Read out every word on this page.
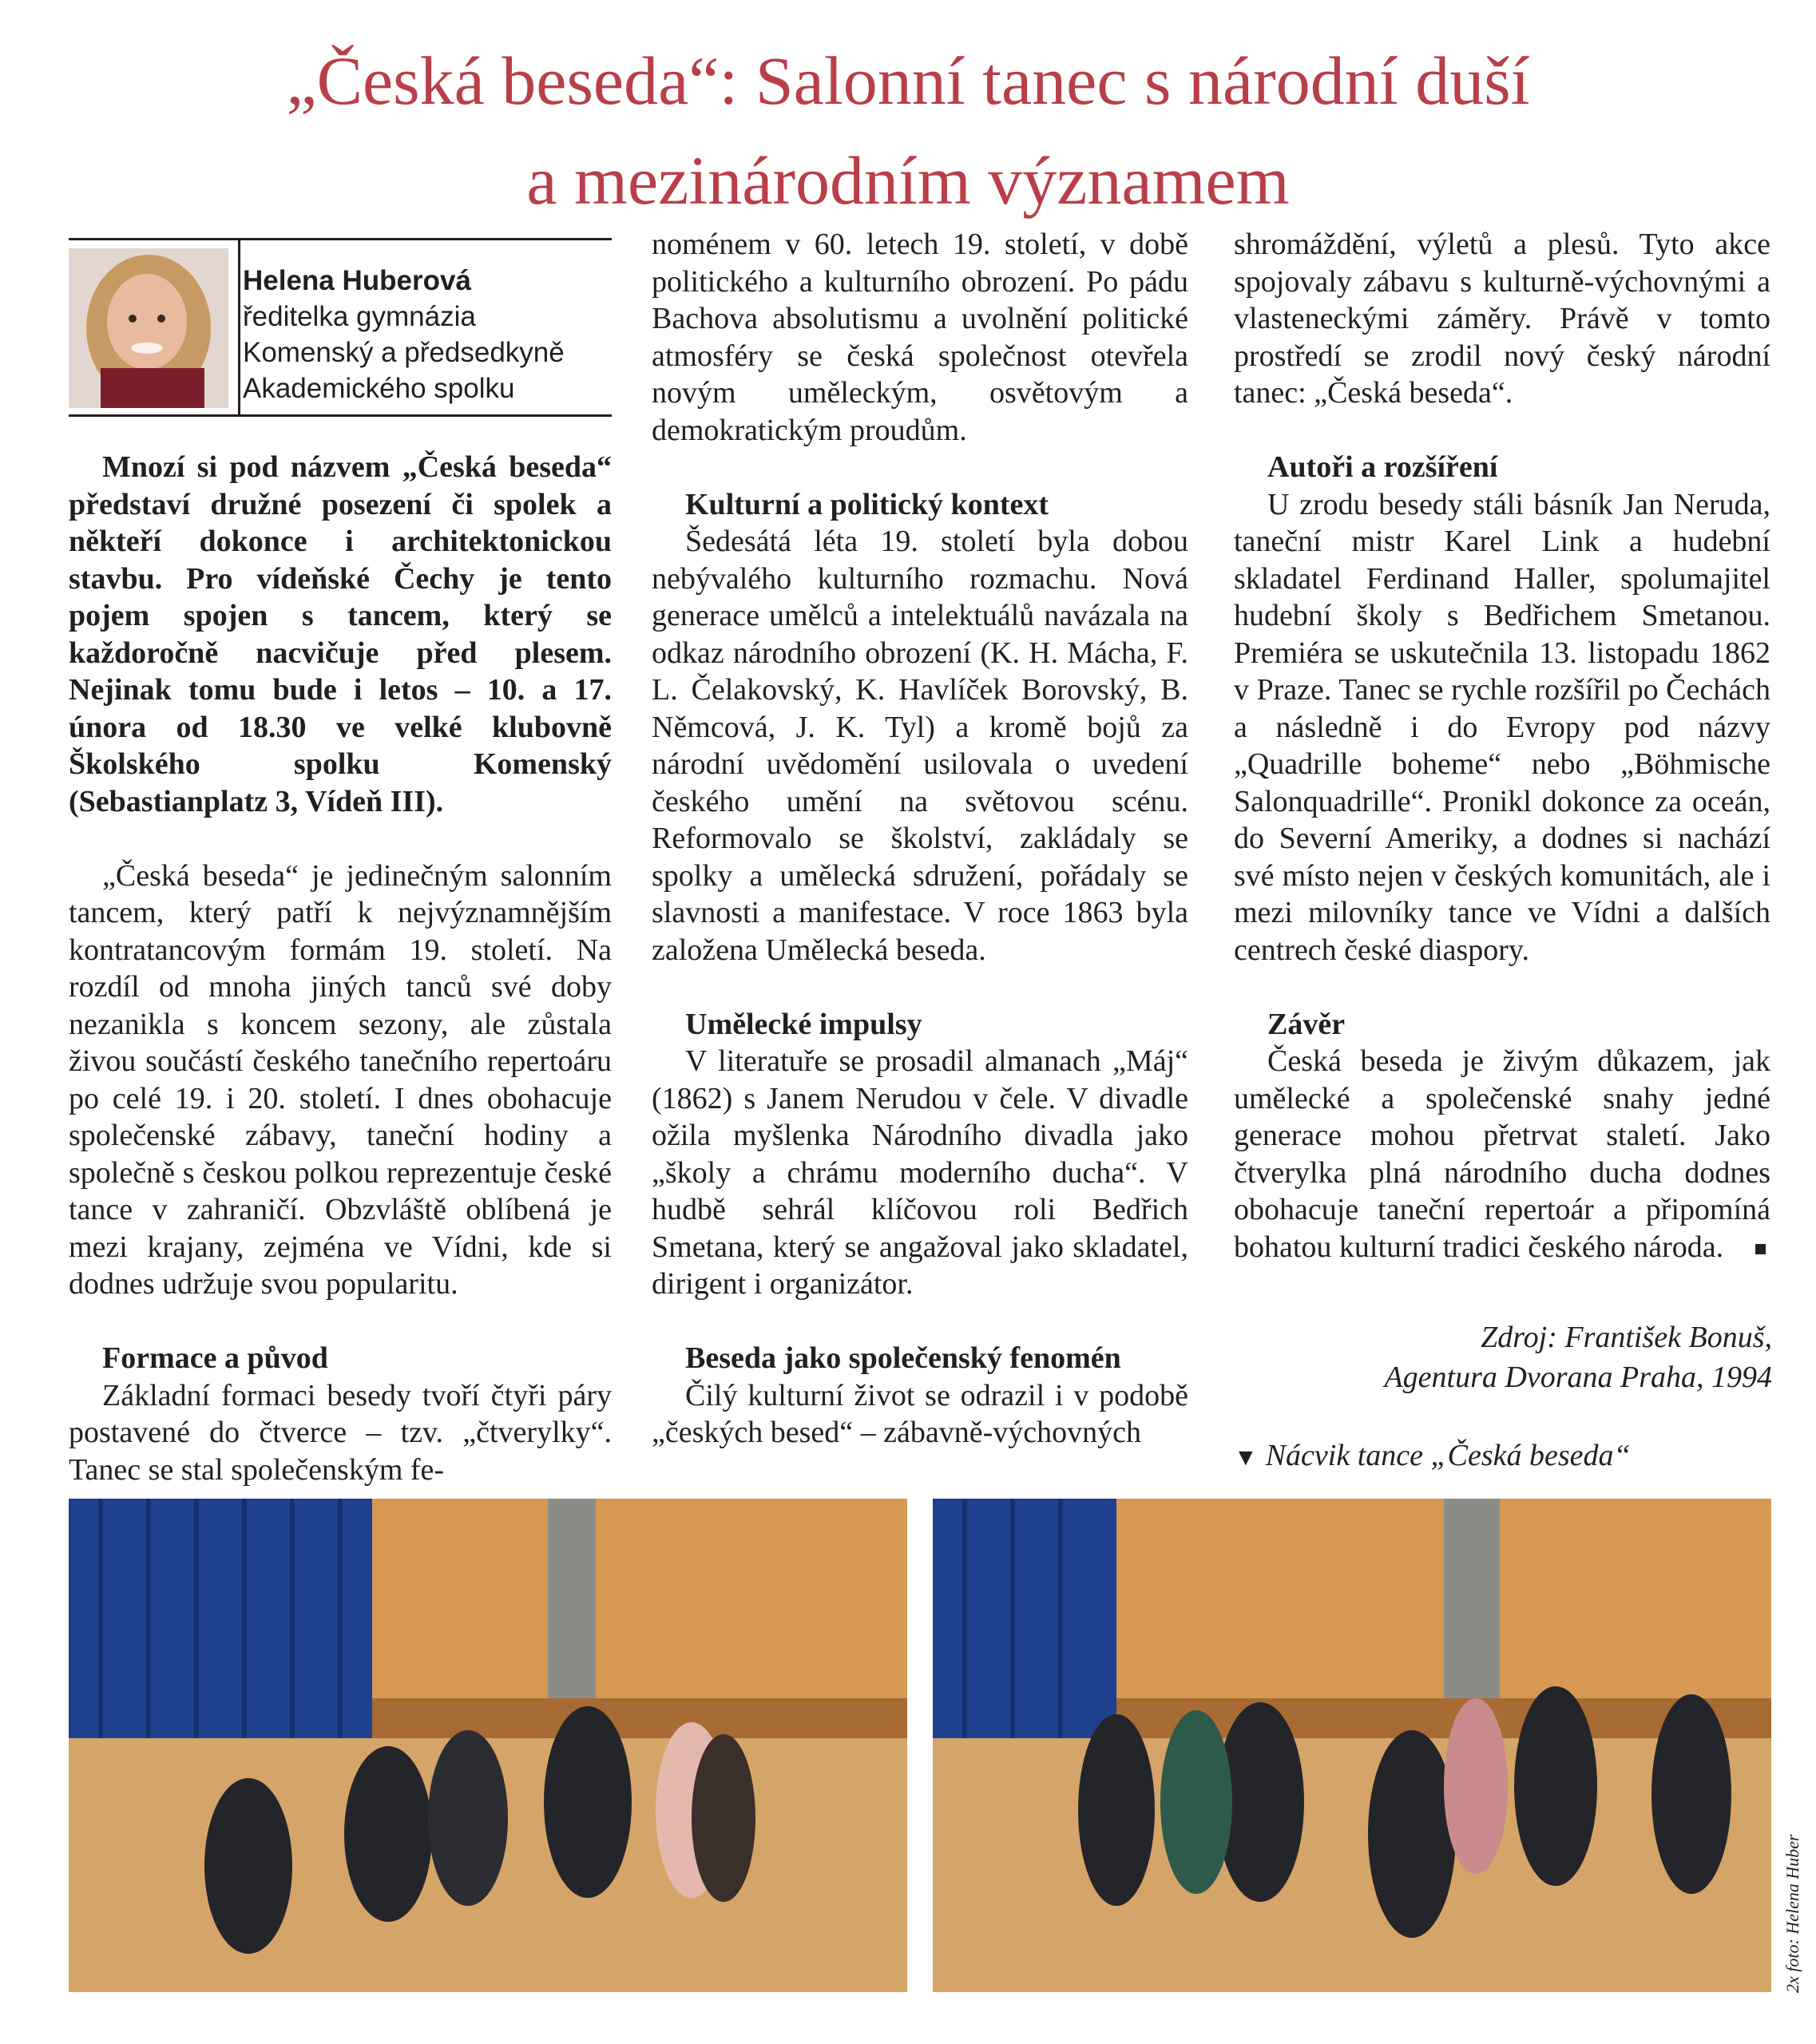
„Česká beseda“: Salonní tanec s národní duší
a mezinárodním významem
Helena Huberová
ředitelka gymnázia
Komenský a předsedkyně
Akademického spolku

Mnozí si pod názvem „Česká beseda“ představí družné posezení či spolek a někteří dokonce i architektonickou stavbu. Pro vídeňské Čechy je tento pojem spojen s tancem, který se každoročně nacvičuje před plesem. Nejinak tomu bude i letos – 10. a 17. února od 18.30 ve velké klubovně Školského spolku Komenský (Sebastianplatz 3, Vídeň III).

„Česká beseda“ je jedinečným salonním tancem, který patří k nejvýznamnějším kontratancovým formám 19. století. Na rozdíl od mnoha jiných tanců své doby nezanikla s koncem sezony, ale zůstala živou součástí českého tanečního repertoáru po celé 19. i 20. století. I dnes obohacuje společenské zábavy, taneční hodiny a společně s českou polkou reprezentuje české tance v zahraničí. Obzvláště oblíbená je mezi krajany, zejména ve Vídni, kde si dodnes udržuje svou popularitu.

Formace a původ

Základní formaci besedy tvoří čtyři páry postavené do čtverce – tzv. „čtverylky“. Tanec se stal společenským fe-

noménem v 60. letech 19. století, v době politického a kulturního obrození. Po pádu Bachova absolutismu a uvolnění politické atmosféry se česká společnost otevřela novým uměleckým, osvětovým a demokratickým proudům.

Kulturní a politický kontext

Šedesátá léta 19. století byla dobou nebývalého kulturního rozmachu. Nová generace umělců a intelektuálů navázala na odkaz národního obrození (K. H. Mácha, F. L. Čelakovský, K. Havlíček Borovský, B. Němcová, J. K. Tyl) a kromě bojů za národní uvědomění usilovala o uvedení českého umění na světovou scénu. Reformovalo se školství, zakládaly se spolky a umělecká sdružení, pořádaly se slavnosti a manifestace. V roce 1863 byla založena Umělecká beseda.

Umělecké impulsy

V literatuře se prosadil almanach „Máj“ (1862) s Janem Nerudou v čele. V divadle ožila myšlenka Národního divadla jako „školy a chrámu moderního ducha“. V hudbě sehrál klíčovou roli Bedřich Smetana, který se angažoval jako skladatel, dirigent i organizátor.

Beseda jako společenský fenomén

Čilý kulturní život se odrazil i v podobě „českých besed“ – zábavně-výchovných

shromáždění, výletů a plesů. Tyto akce spojovaly zábavu s kulturně-výchovnými a vlasteneckými záměry. Právě v tomto prostředí se zrodil nový český národní tanec: „Česká beseda“.

Autoři a rozšíření

U zrodu besedy stáli básník Jan Neruda, taneční mistr Karel Link a hudební skladatel Ferdinand Haller, spolumajitel hudební školy s Bedřichem Smetanou. Premiéra se uskutečnila 13. listopadu 1862 v Praze. Tanec se rychle rozšířil po Čechách a následně i do Evropy pod názvy „Quadrille boheme“ nebo „Böhmische Salonquadrille“. Pronikl dokonce za oceán, do Severní Ameriky, a dodnes si nachází své místo nejen v českých komunitách, ale i mezi milovníky tance ve Vídni a dalších centrech české diaspory.

Závěr

Česká beseda je živým důkazem, jak umělecké a společenské snahy jedné generace mohou přetrvat staletí. Jako čtverylka plná národního ducha dodnes obohacuje taneční repertoár a připomíná bohatou kulturní tradici českého národa.

Zdroj: František Bonuš,
Agentura Dvorana Praha, 1994
▼ Nácvik tance „Česká beseda“
2x foto: Helena Huber
